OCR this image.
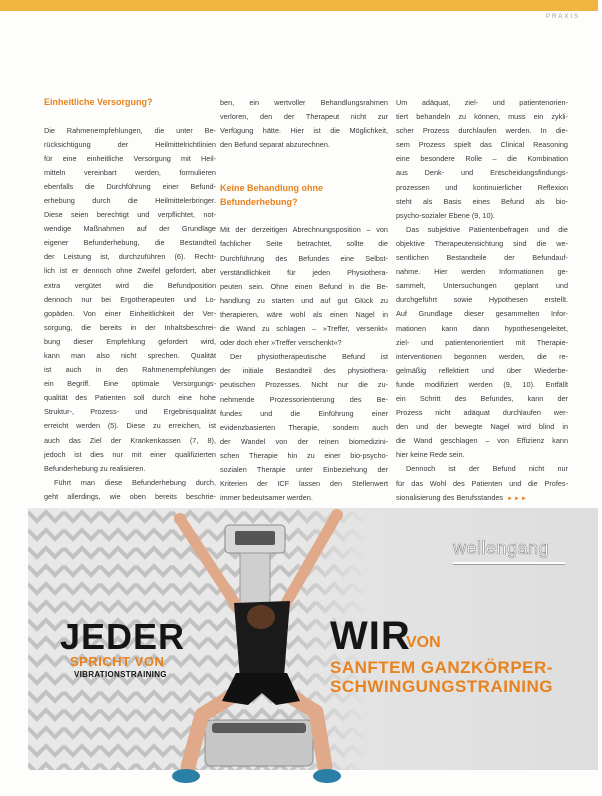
PRAXIS
Einheitliche Versorgung?
Die Rahmenempfehlungen, die unter Be-
rücksichtigung der Heilmittelrichtlinien
für eine einheitliche Versorgung mit Heil-
mitteln vereinbart werden, formulieren
ebenfalls die Durchführung einer Befund-
erhebung durch die Heilmittelerbringer.
Diese seien berechtigt und verpflichtet, not-
wendige Maßnahmen auf der Grundlage
eigener Befunderhebung, die Bestandteil
der Leistung ist, durchzuführen (6). Recht-
lich ist er dennoch ohne Zweifel gefordert, aber
extra vergütet wird die Befundposition
dennoch nur bei Ergotherapeuten und Lo-
gopäden. Von einer Einheitlichkeit der Ver-
sorgung, die bereits in der Inhaltsbeschrei-
bung dieser Empfehlung gefordert wird,
kann man also nicht sprechen. Qualität
ist auch in den Rahmenempfehlungen
ein Begriff. Eine optimale Versorgungs-
qualität des Patienten soll durch eine hohe
Struktur-, Prozess- und Ergebnisqualität
erreicht werden (5). Diese zu erreichen, ist
auch das Ziel der Krankenkassen (7, 8),
jedoch ist dies nur mit einer qualifizierten
Befunderhebung zu realisieren.
Führt man diese Befunderhebung durch,
geht allerdings, wie oben bereits beschrie-
ben, ein wertvoller Behandlungsrahmen
verloren, den der Therapeut nicht zur
Verfügung hätte. Hier ist die Möglichkeit,
den Befund separat abzurechnen.
Keine Behandlung ohne
Befunderhebung?
Mit der derzeitigen Abrechnungsposition – von
fachlicher Seite betrachtet, sollte die
Durchführung des Befundes eine Selbst-
verständlichkeit für jeden Physiothera-
peuten sein. Ohne einen Befund in die Be-
handlung zu starten und auf gut Glück zu
therapieren, wäre wohl als einen Nagel in
die Wand zu schlagen – »Treffer, versenkt«
oder doch eher »Treffer verschenkt«?
Der physiotherapeutische Befund ist
der initiale Bestandteil des physiothera-
peutischen Prozesses. Nicht nur die zu-
nehmende Prozessorientierung des Be-
fundes und die Einführung einer
evidenzbasierten Therapie, sondern auch
der Wandel von der reinen biomedizini-
schen Therapie hin zu einer bio-psycho-
sozialen Therapie unter Einbeziehung der
Kriterien der ICF lassen den Stellenwert
immer bedeutsamer werden.
Um adäquat, ziel- und patientenorien-
tiert behandeln zu können, muss ein zykli-
scher Prozess durchlaufen werden. In die-
sem Prozess spielt das Clinical Reasoning
eine besondere Rolle – die Kombination
aus Denk- und Entscheidungsfindungs-
prozessen und kontinuierlicher Reflexion
steht als Basis eines Befund als bio-
psycho-sozialer Ebene (9, 10).
Das subjektive Patientenbefragen und die
objektive Therapeutensichtung sind die we-
sentlichen Bestandteile der Befundauf-
nahme. Hier werden Informationen ge-
sammelt, Untersuchungen geplant und
durchgeführt sowie Hypothesen erstellt.
Auf Grundlage dieser gesammelten Infor-
mationen kann dann hypothesengeleitet,
ziel- und patientenorientiert mit Therapie-
interventionen begonnen werden, die re-
gelmäßig reflektiert und über Wiederbe-
funde modifiziert werden (9, 10). Entfällt
ein Schritt des Befundes, kann der
Prozess nicht adäquat durchlaufen wer-
den und der bewegte Nagel wird blind in
die Wand geschlagen – von Effizienz kann
hier keine Rede sein.
Dennoch ist der Befund nicht nur
für das Wohl des Patienten und die Profes-
sionalisierung des Berufsstandes ►►►
JEDER
SPRICHT VON
VIBRATIONSTRAINING
WIR
VON
SANFTEM GANZKÖRPER-
SCHWINGUNGSTRAINING
wellengang
